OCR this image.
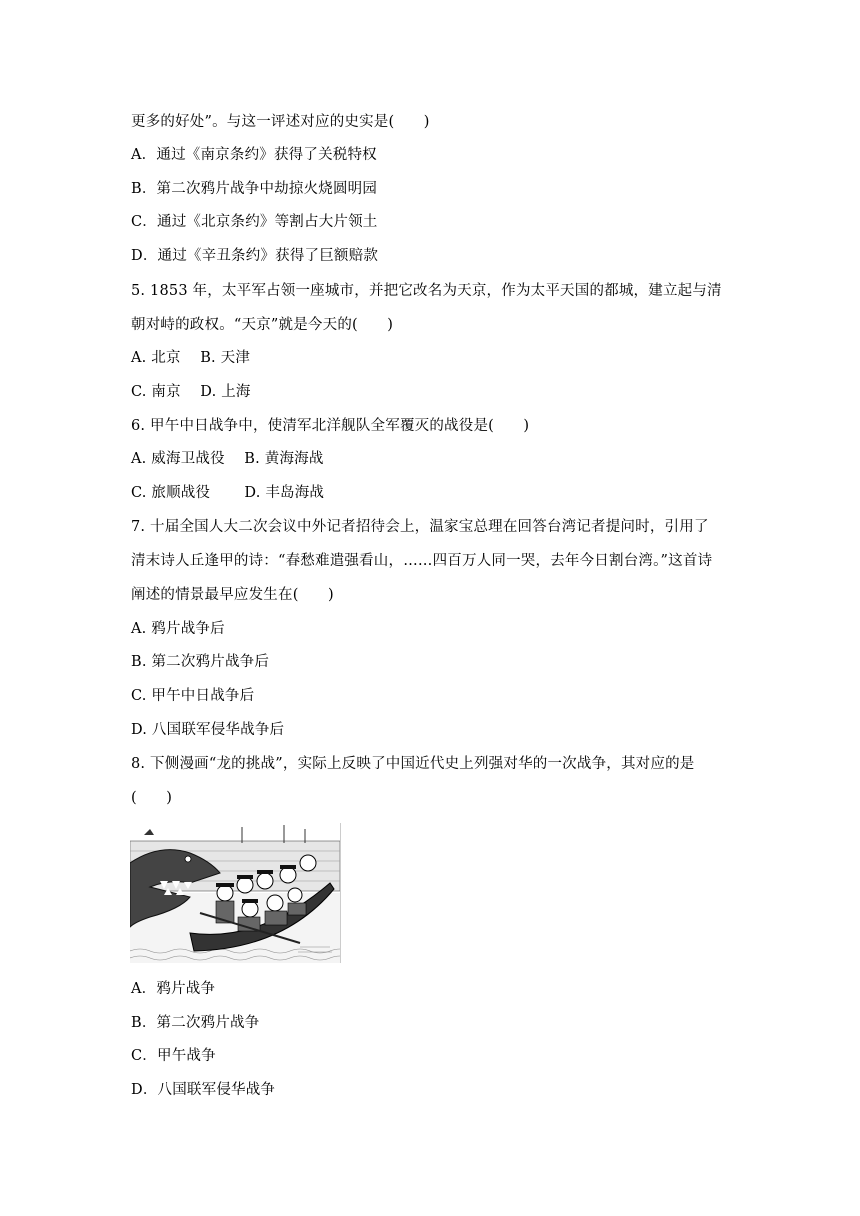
更多的好处”。与这一评述对应的史实是(　　)
A．通过《南京条约》获得了关税特权
B．第二次鸦片战争中劫掠火烧圆明园
C．通过《北京条约》等割占大片领土
D．通过《辛丑条约》获得了巨额赔款
5. 1853 年，太平军占领一座城市，并把它改名为天京，作为太平天国的都城，建立起与清
朝对峙的政权。“天京”就是今天的(　　)
A. 北京　 B. 天津
C. 南京　 D. 上海
6. 甲午中日战争中，使清军北洋舰队全军覆灭的战役是(　　)
A. 威海卫战役　 B. 黄海海战
C. 旅顺战役　　 D. 丰岛海战
7. 十届全国人大二次会议中外记者招待会上，温家宝总理在回答台湾记者提问时，引用了
清末诗人丘逢甲的诗：“春愁难遣强看山，……四百万人同一哭，去年今日割台湾。”这首诗
阐述的情景最早应发生在(　　)
A. 鸦片战争后
B. 第二次鸦片战争后
C. 甲午中日战争后
D. 八国联军侵华战争后
8. 下侧漫画“龙的挑战”，实际上反映了中国近代史上列强对华的一次战争，其对应的是
(　　)
A．鸦片战争
B．第二次鸦片战争
C．甲午战争
D．八国联军侵华战争
